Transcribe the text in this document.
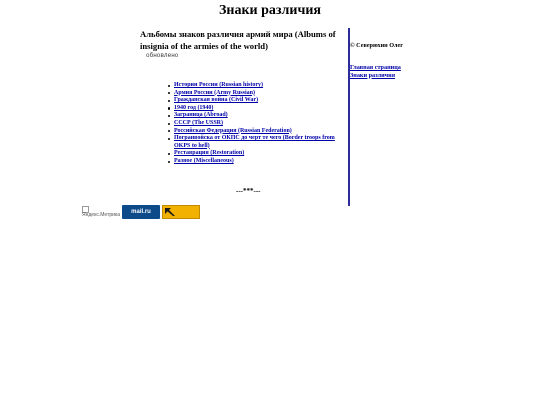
Знаки различия

Альбомы знаков различия армий мира (Albums of insignia of the armies of the world)

обновлено
Истории России (Russian history)
Армия России (Army Russian)
Гражданская война (Civil War)
1940 год (1940)
Заграница (Abroad)
СССР (The USSR)
Российская Федерация (Russian Federation)
Погранвойска от ОКПС до черт те чего (Border troops from OKPS to hell)
Реставрация (Restoration)
Разное (Miscellaneous)
---***---
© Северюхин Олег
Главная страница
Знаки различия
Яндекс.Метрика mail.ru
